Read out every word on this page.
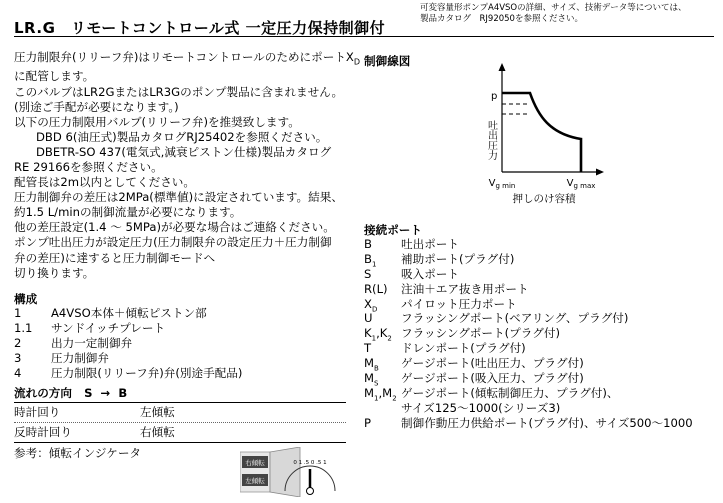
可変容量形ポンプA4VSOの詳細、サイズ、技術データ等については、
製品カタログ　RJ92050を参照ください。
LR.G　リモートコントロール式 一定圧力保持制御付
圧力制限弁(リリーフ弁)はリモートコントロールのためにポート$X_D$
に配管します。
このバルブはLR2GまたはLR3Gのポンプ製品に含まれません。
(別途ご手配が必要になります。)
以下の圧力制限用バルブ(リリーフ弁)を推奨致します。
DBD 6(油圧式)製品カタログRJ25402を参照ください。
DBETR-SO 437(電気式,減衰ピストン仕様)製品カタログ
RE 29166を参照ください。
配管長は2m以内としてください。
圧力制御弁の差圧は2MPa(標準値)に設定されています。結果、
約1.5 L/minの制御流量が必要になります。
他の差圧設定(1.4 ～ 5MPa)が必要な場合はご連絡ください。
ポンプ吐出圧力が設定圧力(圧力制限弁の設定圧力＋圧力制御
弁の差圧)に達すると圧力制御モードへ
切り換ります。
構成
1	A4VSO本体＋傾転ピストン部
1.1 サンドイッチプレート
2	出力一定制御弁
3	圧力制御弁
4	圧力制限(リリーフ弁)弁(別途手配品)
流れの方向 S → B
時計回り	左傾転
反時計回り	右傾転
参考：傾転インジケータ
右傾転
左傾転
0 1 .5 0 .5 1
制御線図
p
吐出圧力
$V_{g min}$	$V_{g max}$
押しのけ容積
接続ポート
B	吐出ポート
$B_1$ 補助ポート(プラグ付)
S	吸入ポート
R(L) 注油＋エア抜き用ポート
$X_D$ パイロット圧力ポート
U フラッシングポート(ベアリング、プラグ付)
$K_1,K_2$ フラッシングポート(プラグ付)
T	ドレンポート(プラグ付)
$M_B$ ゲージポート(吐出圧力、プラグ付)
$M_S$ ゲージポート(吸入圧力、プラグ付)
$M_1,M_2$ ゲージポート(傾転制御圧力、プラグ付)、
サイズ125～1000(シリーズ3)
P	制御作動圧力供給ポート(プラグ付)、サイズ500～1000
